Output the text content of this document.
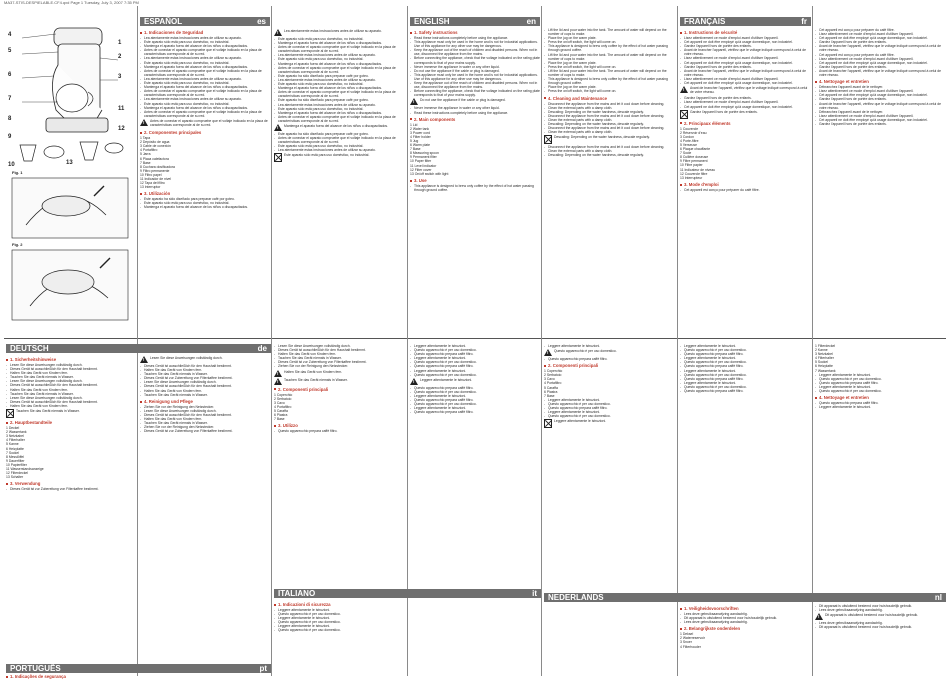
MA37-STIS-DESPIELABLE.CF4.qxd Page 1 Tuesday, July 3, 2007 7:35 PM
4
5
6
7
8
9
10
1
2
3
11
12
13
Fig. 1
Fig. 2
ESPAÑOL	es
1. Indicaciones de Seguridad

- Lea atentamente estas instrucciones antes de utilizar su aparato.

- Este aparato sólo está para uso doméstico, no industrial.

- Mantenga el aparato fuera del alcance de los niños o discapacitados.

- Antes de conectar el aparato compruebe que el voltaje indicado en la placa de características corresponde al de su red.

- Lea atentamente estas instrucciones antes de utilizar su aparato.

- Este aparato sólo está para uso doméstico, no industrial.

- Mantenga el aparato fuera del alcance de los niños o discapacitados.

- Antes de conectar el aparato compruebe que el voltaje indicado en la placa de características corresponde al de su red.

- Lea atentamente estas instrucciones antes de utilizar su aparato.

- Este aparato sólo está para uso doméstico, no industrial.

- Mantenga el aparato fuera del alcance de los niños o discapacitados.

- Antes de conectar el aparato compruebe que el voltaje indicado en la placa de características corresponde al de su red.

- Lea atentamente estas instrucciones antes de utilizar su aparato.

- Este aparato sólo está para uso doméstico, no industrial.

- Mantenga el aparato fuera del alcance de los niños o discapacitados.

- Antes de conectar el aparato compruebe que el voltaje indicado en la placa de características corresponde al de su red.

!

Antes de conectar el aparato compruebe que el voltaje indicado en la placa de características corresponde al de su red.

2. Componentes principales
1 Tapa
2 Depósito de agua
3 Cable de conexión
4 Portafiltro
5 Jarra
6 Placa calefactora
7 Base
8 Cuchara dosificadora
9 Filtro permanente
10 Filtro papel
11 Indicador de nivel
12 Tapa del filtro
13 Interruptor
3. Utilización

- Este aparato ha sido diseñado para preparar café por goteo.

- Este aparato sólo está para uso doméstico, no industrial.

- Mantenga el aparato fuera del alcance de los niños o discapacitados.

!

Lea atentamente estas instrucciones antes de utilizar su aparato.

- Este aparato sólo está para uso doméstico, no industrial.

- Mantenga el aparato fuera del alcance de los niños o discapacitados.

- Antes de conectar el aparato compruebe que el voltaje indicado en la placa de características corresponde al de su red.

- Lea atentamente estas instrucciones antes de utilizar su aparato.

- Este aparato sólo está para uso doméstico, no industrial.

- Mantenga el aparato fuera del alcance de los niños o discapacitados.

- Antes de conectar el aparato compruebe que el voltaje indicado en la placa de características corresponde al de su red.

- Este aparato ha sido diseñado para preparar café por goteo.

- Lea atentamente estas instrucciones antes de utilizar su aparato.

- Este aparato sólo está para uso doméstico, no industrial.

- Mantenga el aparato fuera del alcance de los niños o discapacitados.

- Antes de conectar el aparato compruebe que el voltaje indicado en la placa de características corresponde al de su red.

- Este aparato ha sido diseñado para preparar café por goteo.

- Lea atentamente estas instrucciones antes de utilizar su aparato.

- Este aparato sólo está para uso doméstico, no industrial.

- Mantenga el aparato fuera del alcance de los niños o discapacitados.

- Antes de conectar el aparato compruebe que el voltaje indicado en la placa de características corresponde al de su red.

!

Mantenga el aparato fuera del alcance de los niños o discapacitados.

- Este aparato ha sido diseñado para preparar café por goteo.

- Antes de conectar el aparato compruebe que el voltaje indicado en la placa de características corresponde al de su red.

- Este aparato sólo está para uso doméstico, no industrial.

- Lea atentamente estas instrucciones antes de utilizar su aparato.

Este aparato sólo está para uso doméstico, no industrial.

ENGLISH	en
1. Safety instructions

- Read these instructions completely before using the appliance.

- This appliance must only be used in the home and is not for industrial applications. Use of this appliance for any other use may be dangerous.

- Keep the appliance out of the reach of children and disabled persons. When not in use, disconnect the appliance from the mains.

- Before connecting the appliance, check that the voltage indicated on the rating plate corresponds to that of your mains supply.

- Never immerse the appliance in water or any other liquid.

- Do not use the appliance if the cable or plug is damaged.

- This appliance must only be used in the home and is not for industrial applications. Use of this appliance for any other use may be dangerous.

- Keep the appliance out of the reach of children and disabled persons. When not in use, disconnect the appliance from the mains.

- Before connecting the appliance, check that the voltage indicated on the rating plate corresponds to that of your mains supply.

!

Do not use the appliance if the cable or plug is damaged.

- Never immerse the appliance in water or any other liquid.

- Read these instructions completely before using the appliance.

2. Main components
1 Lid
2 Water tank
3 Power cord
4 Filter holder
5 Jug
6 Warm plate
7 Base
8 Measuring spoon
9 Permanent filter
10 Paper filter
11 Level indicator
12 Filter cover
13 On/off switch with light
3. Use

- This appliance is designed to brew only coffee by the effect of hot water passing through ground coffee.

- Lift the lid and pour water into the tank. The amount of water will depend on the number of cups to make.

- Place the jug on the warm plate.

- Press the on/off switch, the light will come on.

- This appliance is designed to brew only coffee by the effect of hot water passing through ground coffee.

- Lift the lid and pour water into the tank. The amount of water will depend on the number of cups to make.

- Place the jug on the warm plate.

- Press the on/off switch, the light will come on.

- Lift the lid and pour water into the tank. The amount of water will depend on the number of cups to make.

- This appliance is designed to brew only coffee by the effect of hot water passing through ground coffee.

- Place the jug on the warm plate.

- Press the on/off switch, the light will come on.

4. Cleaning and Maintenance

- Disconnect the appliance from the mains and let it cool down before cleaning.

- Clean the external parts with a damp cloth.

- Descaling: Depending on the water hardness, descale regularly.

- Disconnect the appliance from the mains and let it cool down before cleaning.

- Clean the external parts with a damp cloth.

- Descaling: Depending on the water hardness, descale regularly.

- Disconnect the appliance from the mains and let it cool down before cleaning.

- Clean the external parts with a damp cloth.

Descaling: Depending on the water hardness, descale regularly.

- Disconnect the appliance from the mains and let it cool down before cleaning.

- Clean the external parts with a damp cloth.

- Descaling: Depending on the water hardness, descale regularly.

FRANÇAIS	fr
1. Instructions de sécurité

- Lisez attentivement ce mode d'emploi avant d'utiliser l'appareil.

- Cet appareil ne doit être employé qu'à usage domestique, non industriel.

- Gardez l'appareil hors de portée des enfants.

- Avant de brancher l'appareil, vérifiez que le voltage indiqué correspond à celui de votre réseau.

- Lisez attentivement ce mode d'emploi avant d'utiliser l'appareil.

- Cet appareil ne doit être employé qu'à usage domestique, non industriel.

- Gardez l'appareil hors de portée des enfants.

- Avant de brancher l'appareil, vérifiez que le voltage indiqué correspond à celui de votre réseau.

- Lisez attentivement ce mode d'emploi avant d'utiliser l'appareil.

- Cet appareil ne doit être employé qu'à usage domestique, non industriel.

!

Avant de brancher l'appareil, vérifiez que le voltage indiqué correspond à celui de votre réseau.

- Gardez l'appareil hors de portée des enfants.

- Lisez attentivement ce mode d'emploi avant d'utiliser l'appareil.

- Cet appareil ne doit être employé qu'à usage domestique, non industriel.

Gardez l'appareil hors de portée des enfants.

2. Principaux éléments
1 Couvercle
2 Réservoir d'eau
3 Cordon
4 Porte-filtre
5 Verseuse
6 Plaque chauffante
7 Socle
8 Cuillère doseuse
9 Filtre permanent
10 Filtre papier
11 Indicateur de niveau
12 Couvercle filtre
13 Interrupteur
3. Mode d'emploi

- Cet appareil est conçu pour préparer du café filtre.

- Cet appareil est conçu pour préparer du café filtre.

- Lisez attentivement ce mode d'emploi avant d'utiliser l'appareil.

- Cet appareil ne doit être employé qu'à usage domestique, non industriel.

- Gardez l'appareil hors de portée des enfants.

- Avant de brancher l'appareil, vérifiez que le voltage indiqué correspond à celui de votre réseau.

- Cet appareil est conçu pour préparer du café filtre.

- Lisez attentivement ce mode d'emploi avant d'utiliser l'appareil.

- Cet appareil ne doit être employé qu'à usage domestique, non industriel.

- Gardez l'appareil hors de portée des enfants.

- Avant de brancher l'appareil, vérifiez que le voltage indiqué correspond à celui de votre réseau.

4. Nettoyage et entretien

- Débranchez l'appareil avant de le nettoyer.

- Lisez attentivement ce mode d'emploi avant d'utiliser l'appareil.

- Cet appareil ne doit être employé qu'à usage domestique, non industriel.

- Gardez l'appareil hors de portée des enfants.

- Avant de brancher l'appareil, vérifiez que le voltage indiqué correspond à celui de votre réseau.

- Débranchez l'appareil avant de le nettoyer.

- Lisez attentivement ce mode d'emploi avant d'utiliser l'appareil.

- Cet appareil ne doit être employé qu'à usage domestique, non industriel.

- Gardez l'appareil hors de portée des enfants.

DEUTSCH	de
1. Sicherheitshinweise

- Lesen Sie diese Anweisungen vollständig durch.

- Dieses Gerät ist ausschließlich für den Haushalt bestimmt.

- Halten Sie das Gerät von Kindern fern.

- Tauchen Sie das Gerät niemals in Wasser.

- Lesen Sie diese Anweisungen vollständig durch.

- Dieses Gerät ist ausschließlich für den Haushalt bestimmt.

- Halten Sie das Gerät von Kindern fern.

- Tauchen Sie das Gerät niemals in Wasser.

- Lesen Sie diese Anweisungen vollständig durch.

- Dieses Gerät ist ausschließlich für den Haushalt bestimmt.

- Halten Sie das Gerät von Kindern fern.

Tauchen Sie das Gerät niemals in Wasser.

2. Hauptbestandteile
1 Deckel
2 Wassertank
3 Netzkabel
4 Filterhalter
5 Kanne
6 Heizplatte
7 Sockel
8 Messlöffel
9 Dauerfilter
10 Papierfilter
11 Wasserstandsanzeige
12 Filterdeckel
13 Schalter
3. Verwendung

- Dieses Gerät ist zur Zubereitung von Filterkaffee bestimmt.

!

Lesen Sie diese Anweisungen vollständig durch.

- Dieses Gerät ist ausschließlich für den Haushalt bestimmt.

- Halten Sie das Gerät von Kindern fern.

- Tauchen Sie das Gerät niemals in Wasser.

- Dieses Gerät ist zur Zubereitung von Filterkaffee bestimmt.

- Lesen Sie diese Anweisungen vollständig durch.

- Dieses Gerät ist ausschließlich für den Haushalt bestimmt.

- Halten Sie das Gerät von Kindern fern.

- Tauchen Sie das Gerät niemals in Wasser.

4. Reinigung und Pflege

- Ziehen Sie vor der Reinigung den Netzstecker.

- Lesen Sie diese Anweisungen vollständig durch.

- Dieses Gerät ist ausschließlich für den Haushalt bestimmt.

- Halten Sie das Gerät von Kindern fern.

- Tauchen Sie das Gerät niemals in Wasser.

- Ziehen Sie vor der Reinigung den Netzstecker.

- Dieses Gerät ist zur Zubereitung von Filterkaffee bestimmt.

PORTUGUÊS	pt
1. Indicações de segurança

- Lesen Sie diese Anweisungen vollständig durch.

- Dieses Gerät ist ausschließlich für den Haushalt bestimmt.

- Halten Sie das Gerät von Kindern fern.

- Tauchen Sie das Gerät niemals in Wasser.

- Dieses Gerät ist zur Zubereitung von Filterkaffee bestimmt.

- Ziehen Sie vor der Reinigung den Netzstecker.

!

Halten Sie das Gerät von Kindern fern.

!

Tauchen Sie das Gerät niemals in Wasser.

2. Componenti principali
1 Coperchio
2 Serbatoio
3 Cavo
4 Portafiltro
5 Caraffa
6 Piastra
7 Base
3. Utilizzo

- Questo apparecchio prepara caffè filtro.

ITALIANO	it
1. Indicazioni di sicurezza

- Leggere attentamente le istruzioni.

- Questo apparecchio è per uso domestico.

- Leggere attentamente le istruzioni.

- Questo apparecchio è per uso domestico.

- Leggere attentamente le istruzioni.

- Questo apparecchio è per uso domestico.

- Leggere attentamente le istruzioni.

- Questo apparecchio è per uso domestico.

- Questo apparecchio prepara caffè filtro.

- Leggere attentamente le istruzioni.

- Questo apparecchio è per uso domestico.

- Questo apparecchio prepara caffè filtro.

- Leggere attentamente le istruzioni.

- Questo apparecchio è per uso domestico.

!

Leggere attentamente le istruzioni.

- Questo apparecchio prepara caffè filtro.

- Questo apparecchio è per uso domestico.

- Leggere attentamente le istruzioni.

- Questo apparecchio prepara caffè filtro.

- Questo apparecchio è per uso domestico.

- Leggere attentamente le istruzioni.

- Questo apparecchio prepara caffè filtro.

- Leggere attentamente le istruzioni.

!

Questo apparecchio è per uso domestico.

- Questo apparecchio prepara caffè filtro.

2. Componenti principali
1 Coperchio
2 Serbatoio
3 Cavo
4 Portafiltro
5 Caraffa
6 Piastra
7 Base

- Leggere attentamente le istruzioni.

- Questo apparecchio è per uso domestico.

- Questo apparecchio prepara caffè filtro.

- Leggere attentamente le istruzioni.

- Questo apparecchio è per uso domestico.

Leggere attentamente le istruzioni.

- Leggere attentamente le istruzioni.

- Questo apparecchio è per uso domestico.

- Questo apparecchio prepara caffè filtro.

- Leggere attentamente le istruzioni.

- Questo apparecchio è per uso domestico.

- Questo apparecchio prepara caffè filtro.

- Leggere attentamente le istruzioni.

- Questo apparecchio è per uso domestico.

- Questo apparecchio prepara caffè filtro.

- Leggere attentamente le istruzioni.

- Questo apparecchio è per uso domestico.

- Questo apparecchio prepara caffè filtro.

1 Filterdeckel
2 Kanne
3 Netzkabel
4 Filterhalter
5 Sockel
6 Heizplatte
7 Wassertank

- Leggere attentamente le istruzioni.

- Questo apparecchio è per uso domestico.

- Questo apparecchio prepara caffè filtro.

- Leggere attentamente le istruzioni.

- Questo apparecchio è per uso domestico.

4. Nettoyage et entretien

- Questo apparecchio prepara caffè filtro.

- Leggere attentamente le istruzioni.

NEDERLANDS	nl
1. Veiligheidsvoorschriften

- Lees deze gebruiksaanwijzing aandachtig.

- Dit apparaat is uitsluitend bestemd voor huishoudelijk gebruik.

- Lees deze gebruiksaanwijzing aandachtig.

2. Belangrijkste onderdelen
1 Deksel
2 Waterreservoir
3 Snoer
4 Filterhouder

- Dit apparaat is uitsluitend bestemd voor huishoudelijk gebruik.

- Lees deze gebruiksaanwijzing aandachtig.

!

Dit apparaat is uitsluitend bestemd voor huishoudelijk gebruik.

- Lees deze gebruiksaanwijzing aandachtig.

- Dit apparaat is uitsluitend bestemd voor huishoudelijk gebruik.
